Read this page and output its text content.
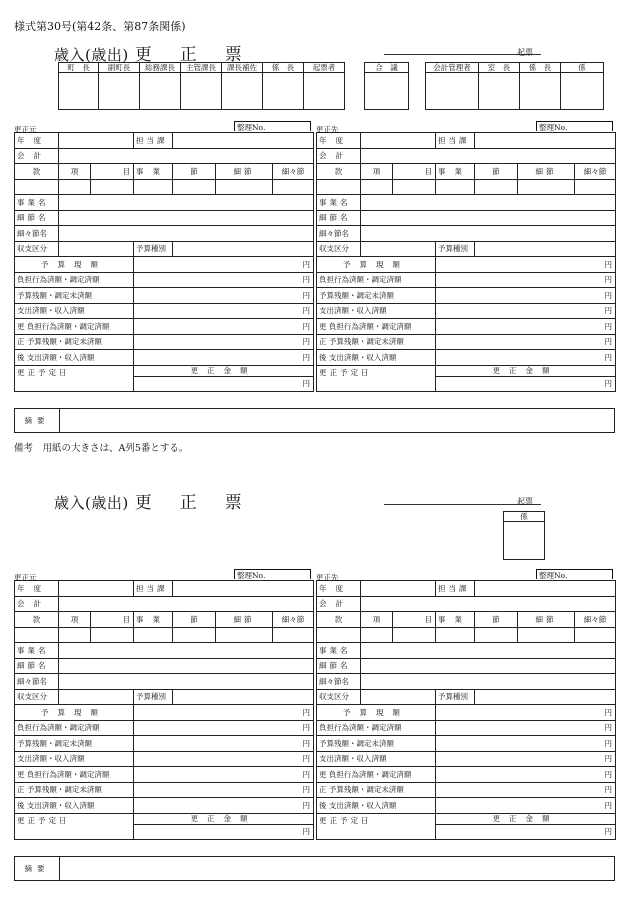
様式第30号(第42条、第87条関係)
歳入(歳出) 更正票	起票
町　長	副町長	総務課長	主管課長	課長補佐	係　長	起票者
							合　議	会計管理者	室　長	係　長	係

更正元	整理No.
年度			担当課			
会計						
款	項	目	事業	節	細節	細々節

事業名						
細節名						
細々節名						
収支区分			予算種別			
予算現額			円			
負担行為済額・調定済額			円			
予算残額・調定未済額			円			
支出済額・収入済額			円			
更 負担行為済額・調定済額			円			
正 予算残額・調定未済額			円			
後 支出済額・収入済額			円			
更正予定日			更正金額			
			円			
更正先	整理No.
年度			担当課			
会計						
款	項	目	事業	節	細節	細々節

事業名						
細節名						
細々節名						
収支区分			予算種別			
予算現額			円			
負担行為済額・調定済額			円			
予算残額・調定未済額			円			
支出済額・収入済額			円			
更 負担行為済額・調定済額			円			
正 予算残額・調定未済額			円			
後 支出済額・収入済額			円			
更正予定日			更正金額			
			円			
摘要	
備考　用紙の大きさは、A列5番とする。
歳入(歳出) 更正票	起票
係

更正元	整理No.
年度			担当課			
会計						
款	項	目	事業	節	細節	細々節

事業名						
細節名						
細々節名						
収支区分			予算種別			
予算現額			円			
負担行為済額・調定済額			円			
予算残額・調定未済額			円			
支出済額・収入済額			円			
更 負担行為済額・調定済額			円			
正 予算残額・調定未済額			円			
後 支出済額・収入済額			円			
更正予定日			更正金額			
			円			
更正先	整理No.
年度			担当課			
会計						
款	項	目	事業	節	細節	細々節

事業名						
細節名						
細々節名						
収支区分			予算種別			
予算現額			円			
負担行為済額・調定済額			円			
予算残額・調定未済額			円			
支出済額・収入済額			円			
更 負担行為済額・調定済額			円			
正 予算残額・調定未済額			円			
後 支出済額・収入済額			円			
更正予定日			更正金額			
			円			
摘要	
